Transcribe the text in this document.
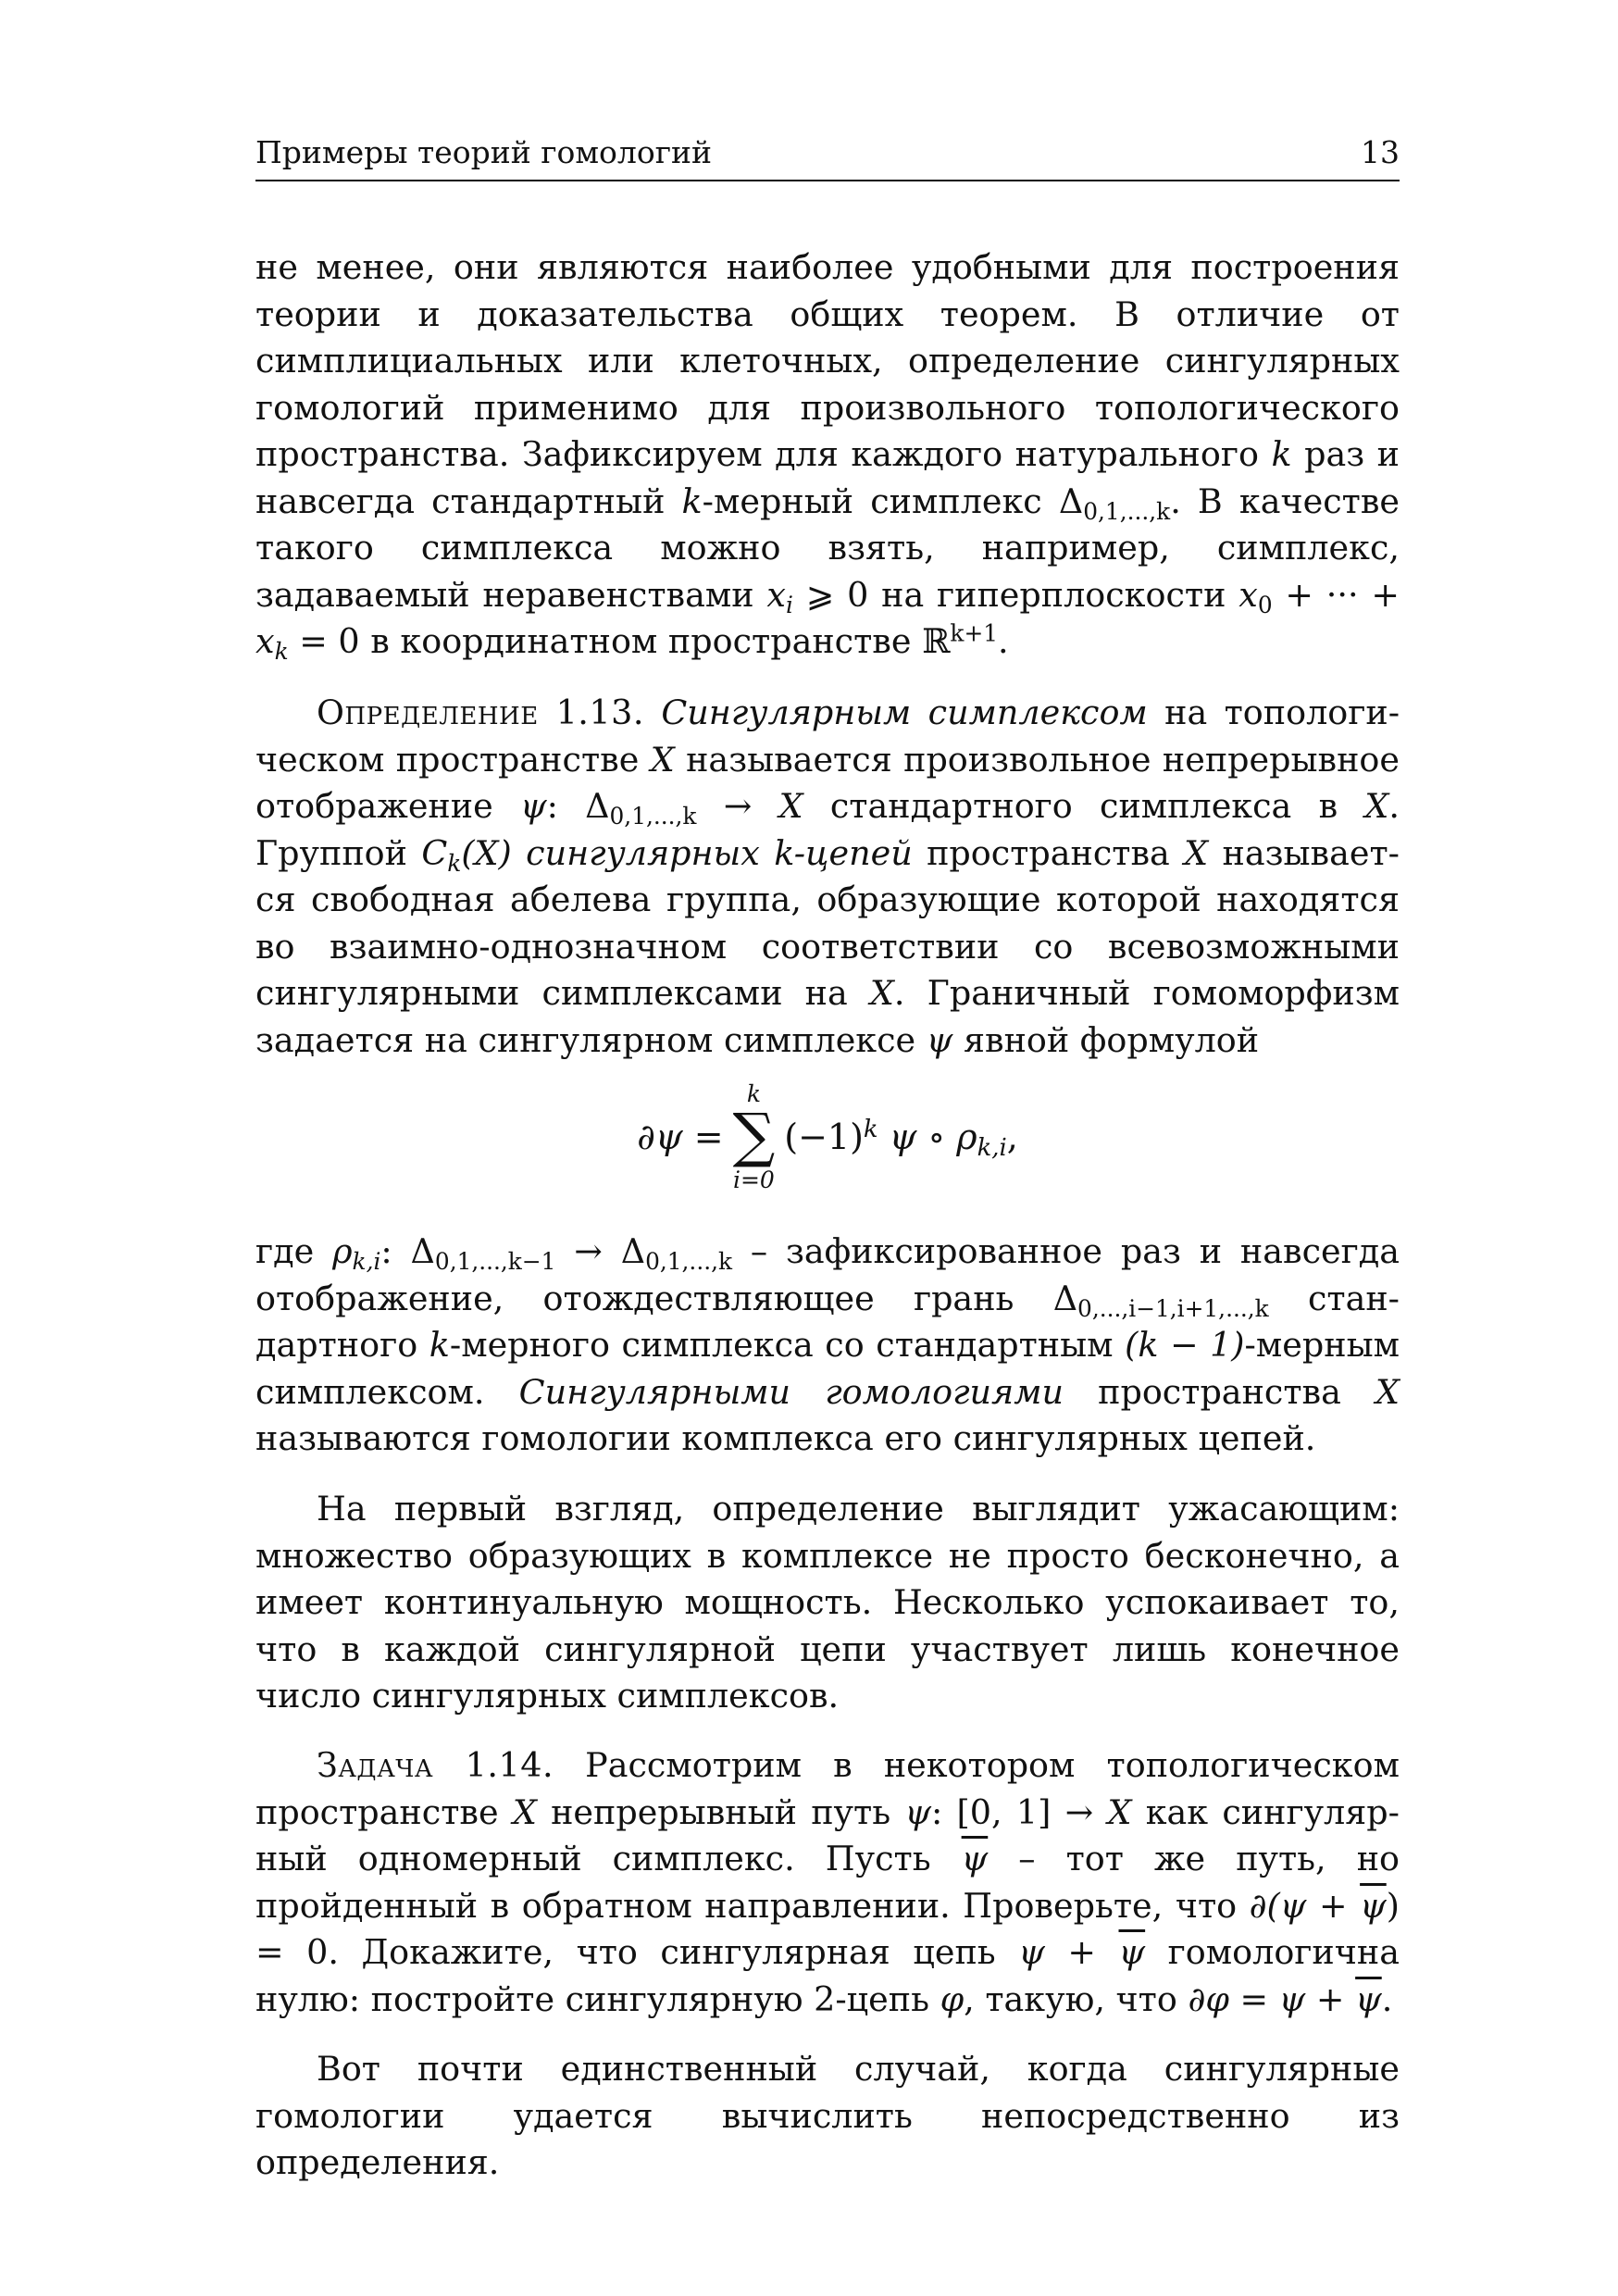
Примеры теорий гомологий	13

не менее, они являются наиболее удобными для построения теории и доказательства общих теорем. В отличие от симплициальных или клеточных, определение сингулярных гомологий применимо для произвольного топологического пространства. Зафиксируем для каждого натурального k раз и навсегда стандартный k-мерный симплекс $\Delta_{0,1,...,k}$. В качестве такого симплекса можно взять, например, симплекс, задаваемый неравенствами $x_i$ ⩾ 0 на гиперплоскости $x_0$ + ··· + $x_k = 0$ в координатном пространстве ℝ$^{k+1}$.

Определение 1.13. Сингулярным симплексом на топологическом пространстве X называется произвольное непрерывное отображение ψ: $\Delta_{0,1,...,k} \to X$ стандартного симплекса в X. Группой $C_k(X)$ сингулярных k-цепей пространства X называется свободная абелева группа, образующие которой находятся во взаимно-однозначном соответствии со всевозможными сингулярными симплексами на X. Граничный гомоморфизм задается на сингулярном симплексе ψ явной формулой

∂ψ =
k
∑
i=0
$(-1)^k$ ψ ∘ $\rho_{k,i}$,

где $\rho_{k,i}$: $\Delta_{0,1,...,k-1} \to \Delta_{0,1,...,k}$ – зафиксированное раз и навсегда отображение, отождествляющее грань $\Delta_{0,...,i-1,i+1,...,k}$ стандартного k-мерного симплекса со стандартным (k − 1)-мерным симплексом. Сингулярными гомологиями пространства X называются гомологии комплекса его сингулярных цепей.

На первый взгляд, определение выглядит ужасающим: множество образующих в комплексе не просто бесконечно, а имеет континуальную мощность. Несколько успокаивает то, что в каждой сингулярной цепи участвует лишь конечное число сингулярных симплексов.

Задача 1.14. Рассмотрим в некотором топологическом пространстве X непрерывный путь ψ: [0, 1] → X как сингулярный одномерный симплекс. Пусть $\overline{\psi}$ – тот же путь, но пройденный в обратном направлении. Проверьте, что $\partial(\psi + \overline{\psi}) = 0$. Докажите, что сингулярная цепь $\psi + \overline{\psi}$ гомологична нулю: постройте сингулярную 2-цепь φ, такую, что $\partial\varphi = \psi + \overline{\psi}$.

Вот почти единственный случай, когда сингулярные гомологии удается вычислить непосредственно из определения.
